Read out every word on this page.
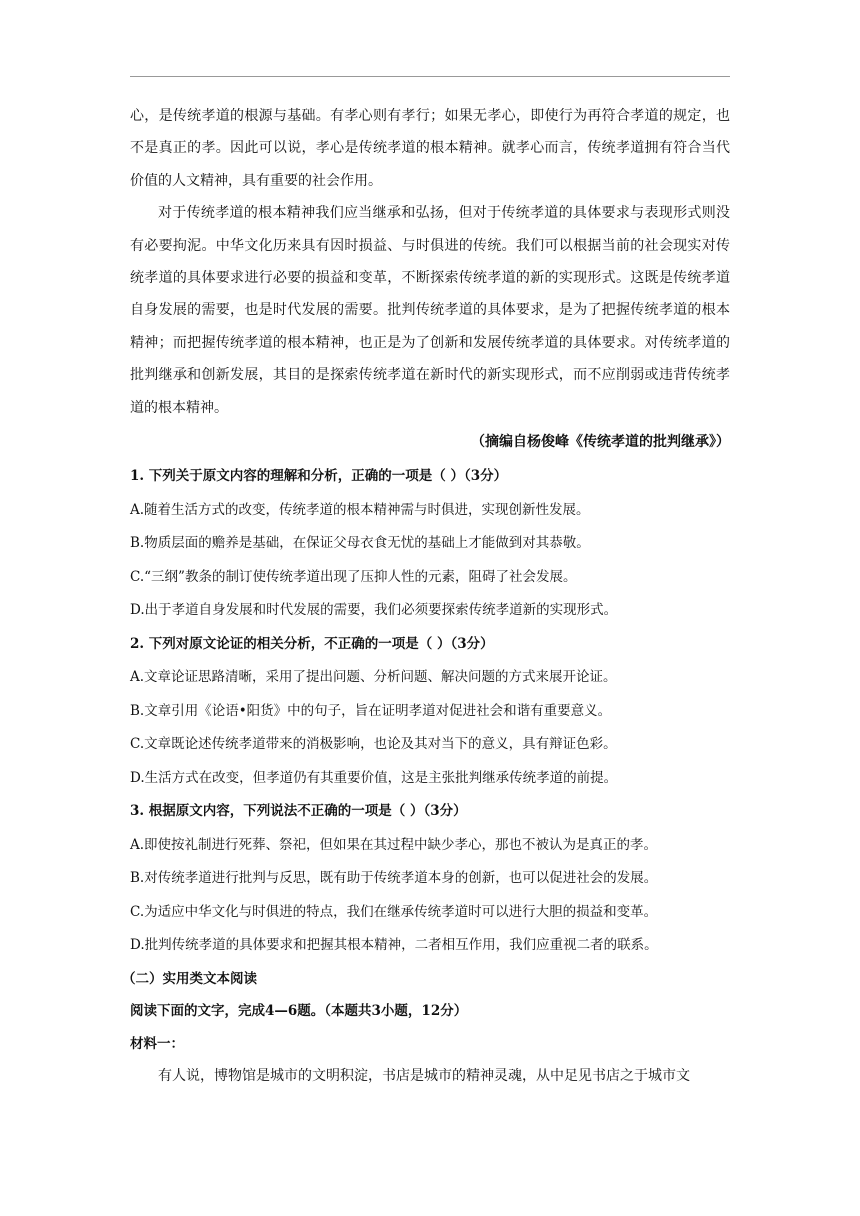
心，是传统孝道的根源与基础。有孝心则有孝行；如果无孝心，即使行为再符合孝道的规定，也不是真正的孝。因此可以说，孝心是传统孝道的根本精神。就孝心而言，传统孝道拥有符合当代价值的人文精神，具有重要的社会作用。

对于传统孝道的根本精神我们应当继承和弘扬，但对于传统孝道的具体要求与表现形式则没有必要拘泥。中华文化历来具有因时损益、与时俱进的传统。我们可以根据当前的社会现实对传统孝道的具体要求进行必要的损益和变革，不断探索传统孝道的新的实现形式。这既是传统孝道自身发展的需要，也是时代发展的需要。批判传统孝道的具体要求，是为了把握传统孝道的根本精神；而把握传统孝道的根本精神，也正是为了创新和发展传统孝道的具体要求。对传统孝道的批判继承和创新发展，其目的是探索传统孝道在新时代的新实现形式，而不应削弱或违背传统孝道的根本精神。

（摘编自杨俊峰《传统孝道的批判继承》）

1. 下列关于原文内容的理解和分析，正确的一项是（ ）（3分）

A.随着生活方式的改变，传统孝道的根本精神需与时俱进，实现创新性发展。

B.物质层面的赡养是基础，在保证父母衣食无忧的基础上才能做到对其恭敬。

C.“三纲”教条的制订使传统孝道出现了压抑人性的元素，阻碍了社会发展。

D.出于孝道自身发展和时代发展的需要，我们必须要探索传统孝道新的实现形式。

2. 下列对原文论证的相关分析，不正确的一项是（ ）（3分）

A.文章论证思路清晰，采用了提出问题、分析问题、解决问题的方式来展开论证。

B.文章引用《论语•阳货》中的句子，旨在证明孝道对促进社会和谐有重要意义。

C.文章既论述传统孝道带来的消极影响，也论及其对当下的意义，具有辩证色彩。

D.生活方式在改变，但孝道仍有其重要价值，这是主张批判继承传统孝道的前提。

3. 根据原文内容，下列说法不正确的一项是（ ）（3分）

A.即使按礼制进行死葬、祭祀，但如果在其过程中缺少孝心，那也不被认为是真正的孝。

B.对传统孝道进行批判与反思，既有助于传统孝道本身的创新，也可以促进社会的发展。

C.为适应中华文化与时俱进的特点，我们在继承传统孝道时可以进行大胆的损益和变革。

D.批判传统孝道的具体要求和把握其根本精神，二者相互作用，我们应重视二者的联系。

（二）实用类文本阅读

阅读下面的文字，完成4—6题。（本题共3小题，12分）

材料一：

有人说，博物馆是城市的文明积淀，书店是城市的精神灵魂，从中足见书店之于城市文
